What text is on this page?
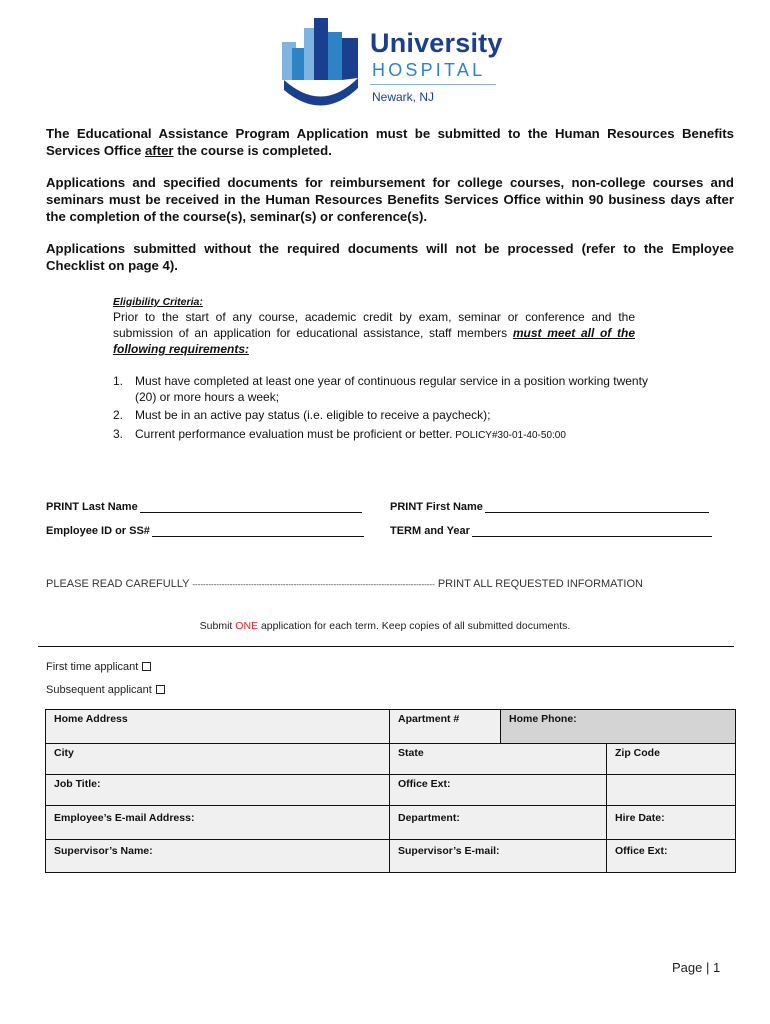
University
HOSPITAL
Newark, NJ
The Educational Assistance Program Application must be submitted to the Human Resources Benefits Services Office after the course is completed.
Applications and specified documents for reimbursement for college courses, non-college courses and seminars must be received in the Human Resources Benefits Services Office within 90 business days after the completion of the course(s), seminar(s) or conference(s).
Applications submitted without the required documents will not be processed (refer to the Employee Checklist on page 4).
Eligibility Criteria:
Prior to the start of any course, academic credit by exam, seminar or conference and the submission of an application for educational assistance, staff members must meet all of the following requirements:
1. Must have completed at least one year of continuous regular service in a position working twenty (20) or more hours a week;
2. Must be in an active pay status (i.e. eligible to receive a paycheck);
3. Current performance evaluation must be proficient or better. POLICY#30-01-40-50:00
PRINT Last Name	PRINT First Name
Employee ID or SS#	TERM and Year
PLEASE READ CAREFULLY ------------------------------------------------------------------------------------------- PRINT ALL REQUESTED INFORMATION
Submit ONE application for each term. Keep copies of all submitted documents.
First time applicant
Subsequent applicant
Home Address	Apartment #	Home Phone:
City	State	Zip Code
Job Title:	Office Ext:
Employee’s E-mail Address:	Department:	Hire Date:
Supervisor’s Name:	Supervisor’s E-mail:	Office Ext:
Page | 1
